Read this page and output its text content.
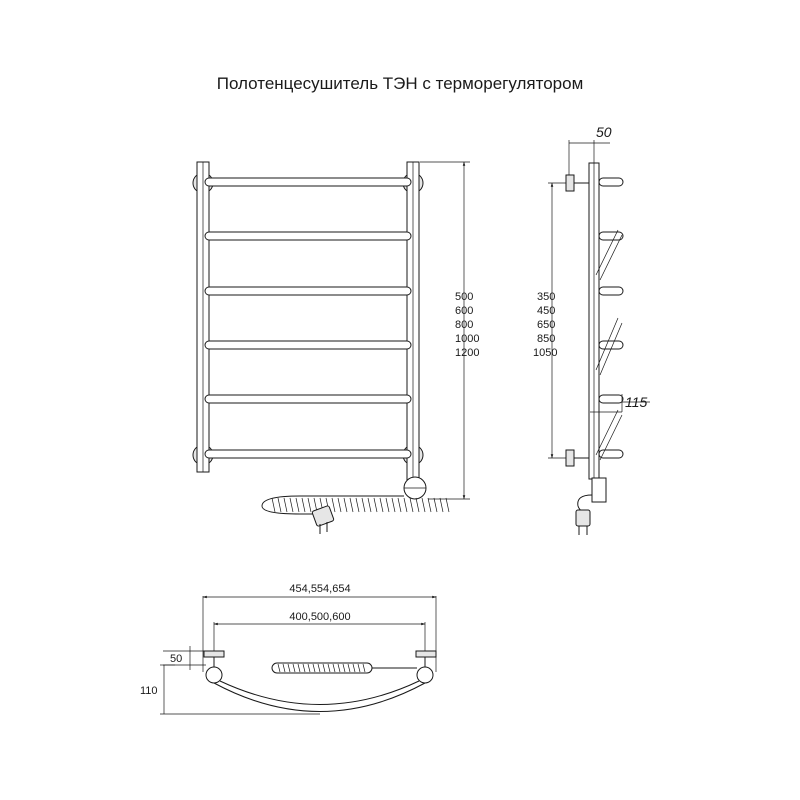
Полотенцесушитель ТЭН с терморегулятором
500
600
800
1000
1200
50
350
450
650
850
1050
115
454,554,654
400,500,600
50
110
